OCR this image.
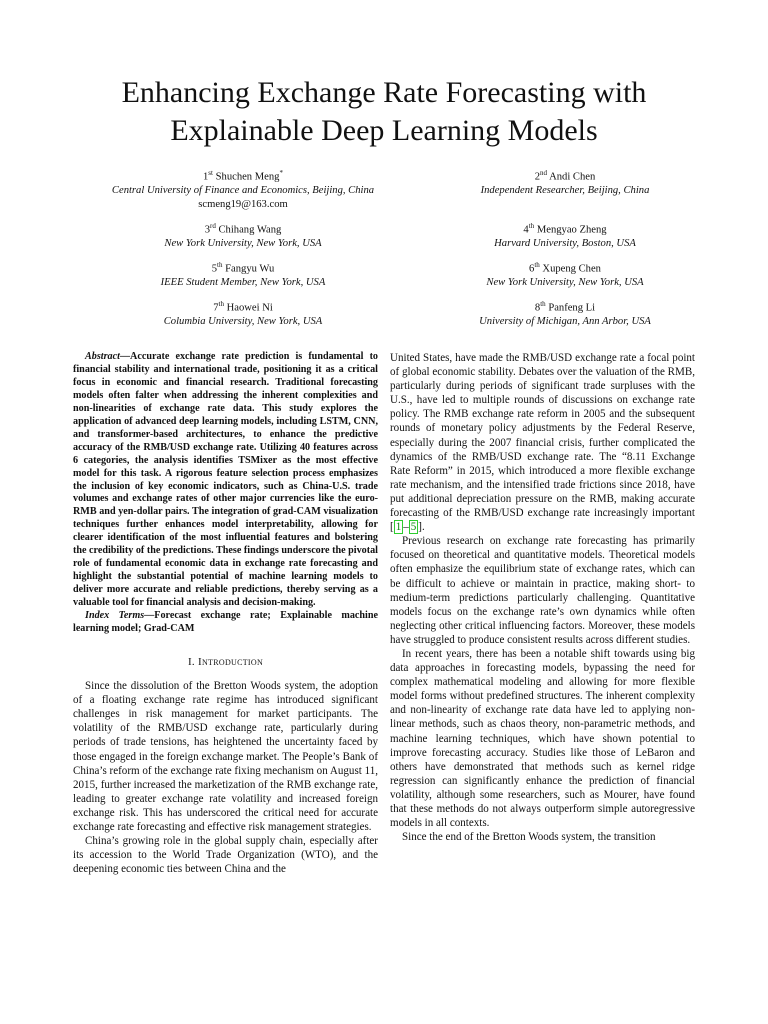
Enhancing Exchange Rate Forecasting with
Explainable Deep Learning Models
1st Shuchen Meng*
Central University of Finance and Economics, Beijing, China
scmeng19@163.com
2nd Andi Chen
Independent Researcher, Beijing, China
3rd Chihang Wang
New York University, New York, USA
4th Mengyao Zheng
Harvard University, Boston, USA
5th Fangyu Wu
IEEE Student Member, New York, USA
6th Xupeng Chen
New York University, New York, USA
7th Haowei Ni
Columbia University, New York, USA
8th Panfeng Li
University of Michigan, Ann Arbor, USA

Abstract—Accurate exchange rate prediction is fundamental to financial stability and international trade, positioning it as a critical focus in economic and financial research. Traditional forecasting models often falter when addressing the inherent complexities and non-linearities of exchange rate data. This study explores the application of advanced deep learning models, including LSTM, CNN, and transformer-based architectures, to enhance the predictive accuracy of the RMB/USD exchange rate. Utilizing 40 features across 6 categories, the analysis identifies TSMixer as the most effective model for this task. A rigorous feature selection process emphasizes the inclusion of key economic indicators, such as China-U.S. trade volumes and exchange rates of other major currencies like the euro-RMB and yen-dollar pairs. The integration of grad-CAM visualization techniques further enhances model interpretability, allowing for clearer identification of the most influential features and bolstering the credibility of the predictions. These findings underscore the pivotal role of fundamental economic data in exchange rate forecasting and highlight the substantial potential of machine learning models to deliver more accurate and reliable predictions, thereby serving as a valuable tool for financial analysis and decision-making.

Index Terms—Forecast exchange rate; Explainable machine learning model; Grad-CAM

I. Introduction

Since the dissolution of the Bretton Woods system, the adoption of a floating exchange rate regime has introduced significant challenges in risk management for market participants. The volatility of the RMB/USD exchange rate, particularly during periods of trade tensions, has heightened the uncertainty faced by those engaged in the foreign exchange market. The People’s Bank of China’s reform of the exchange rate fixing mechanism on August 11, 2015, further increased the marketization of the RMB exchange rate, leading to greater exchange rate volatility and increased foreign exchange risk. This has underscored the critical need for accurate exchange rate forecasting and effective risk management strategies.

China’s growing role in the global supply chain, especially after its accession to the World Trade Organization (WTO), and the deepening economic ties between China and the

United States, have made the RMB/USD exchange rate a focal point of global economic stability. Debates over the valuation of the RMB, particularly during periods of significant trade surpluses with the U.S., have led to multiple rounds of discussions on exchange rate policy. The RMB exchange rate reform in 2005 and the subsequent rounds of monetary policy adjustments by the Federal Reserve, especially during the 2007 financial crisis, further complicated the dynamics of the RMB/USD exchange rate. The “8.11 Exchange Rate Reform” in 2015, which introduced a more flexible exchange rate mechanism, and the intensified trade frictions since 2018, have put additional depreciation pressure on the RMB, making accurate forecasting of the RMB/USD exchange rate increasingly important [ 1 – 5 ].

Previous research on exchange rate forecasting has primarily focused on theoretical and quantitative models. Theoretical models often emphasize the equilibrium state of exchange rates, which can be difficult to achieve or maintain in practice, making short- to medium-term predictions particularly challenging. Quantitative models focus on the exchange rate’s own dynamics while often neglecting other critical influencing factors. Moreover, these models have struggled to produce consistent results across different studies.

In recent years, there has been a notable shift towards using big data approaches in forecasting models, bypassing the need for complex mathematical modeling and allowing for more flexible model forms without predefined structures. The inherent complexity and non-linearity of exchange rate data have led to applying non-linear methods, such as chaos theory, non-parametric methods, and machine learning techniques, which have shown potential to improve forecasting accuracy. Studies like those of LeBaron and others have demonstrated that methods such as kernel ridge regression can significantly enhance the prediction of financial volatility, although some researchers, such as Mourer, have found that these methods do not always outperform simple autoregressive models in all contexts.

Since the end of the Bretton Woods system, the transition
